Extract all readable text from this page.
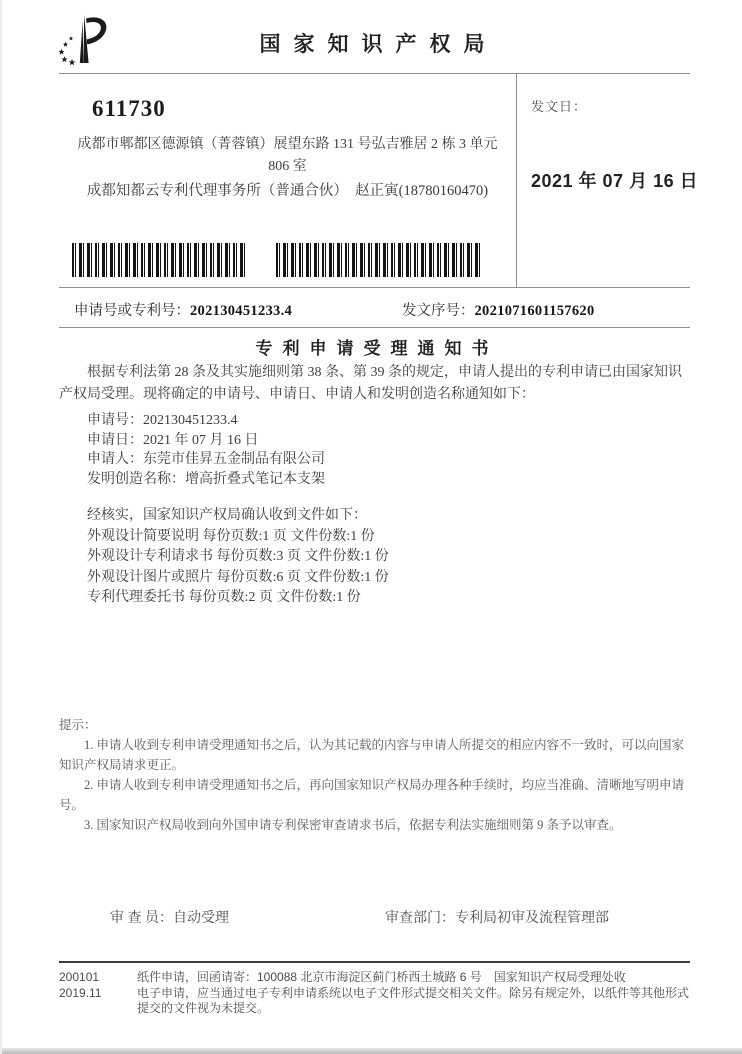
国家知识产权局
611730
成都市郫都区德源镇（菁蓉镇）展望东路 131 号弘吉雅居 2 栋 3 单元
806 室
成都知都云专利代理事务所（普通合伙）　赵正寅(18780160470)
发文日：
2021 年 07 月 16 日
申请号或专利号：202130451233.4	发文序号：2021071601157620
专利申请受理通知书

根据专利法第 28 条及其实施细则第 38 条、第 39 条的规定，申请人提出的专利申请已由国家知识产权局受理。现将确定的申请号、申请日、申请人和发明创造名称通知如下：

申请号：202130451233.4

申请日：2021 年 07 月 16 日

申请人：东莞市佳昇五金制品有限公司

发明创造名称：增高折叠式笔记本支架

经核实，国家知识产权局确认收到文件如下：

外观设计简要说明 每份页数:1 页 文件份数:1 份

外观设计专利请求书 每份页数:3 页 文件份数:1 份

外观设计图片或照片 每份页数:6 页 文件份数:1 份

专利代理委托书 每份页数:2 页 文件份数:1 份

提示：

1. 申请人收到专利申请受理通知书之后，认为其记载的内容与申请人所提交的相应内容不一致时，可以向国家知识产权局请求更正。

2. 申请人收到专利申请受理通知书之后，再向国家知识产权局办理各种手续时，均应当准确、清晰地写明申请号。

3. 国家知识产权局收到向外国申请专利保密审查请求书后，依据专利法实施细则第 9 条予以审查。

审 查 员：自动受理	审查部门：专利局初审及流程管理部
200101	纸件申请，回函请寄：100088 北京市海淀区蓟门桥西土城路 6 号　国家知识产权局受理处收
2019.11	电子申请，应当通过电子专利申请系统以电子文件形式提交相关文件。除另有规定外，以纸件等其他形式提交的文件视为未提交。
